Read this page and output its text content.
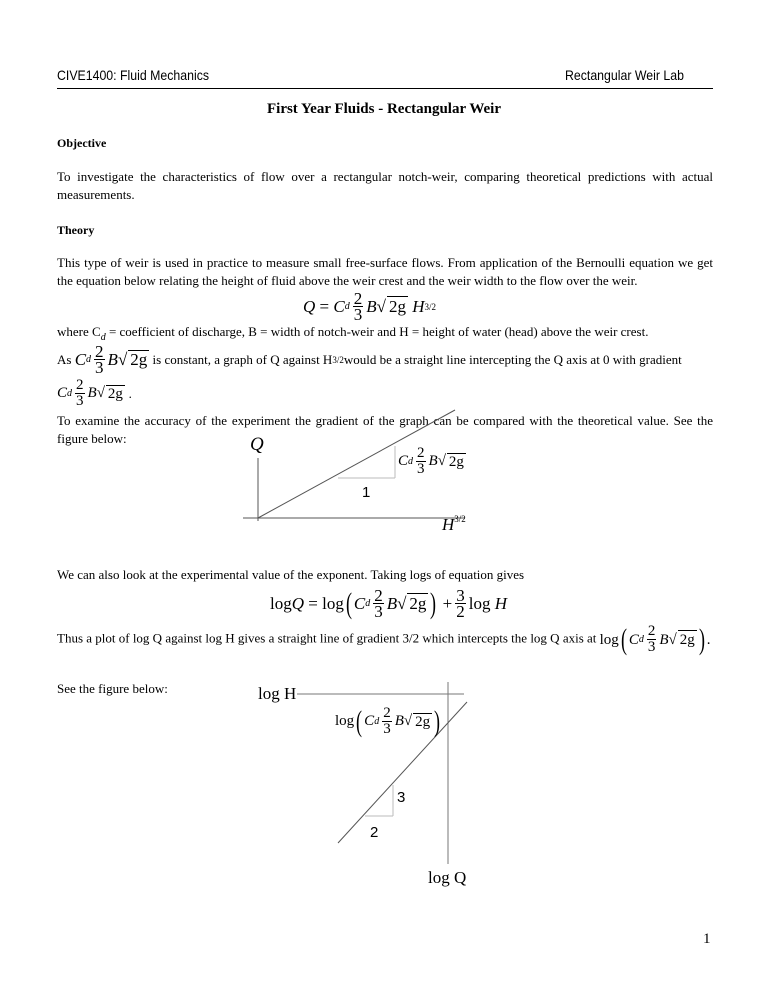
CIVE1400: Fluid Mechanics	Rectangular Weir Lab
First Year Fluids - Rectangular Weir
Objective
To investigate the characteristics of flow over a rectangular notch-weir, comparing theoretical predictions with actual measurements.
Theory
This type of weir is used in practice to measure small free-surface flows. From application of the Bernoulli equation we get the equation below relating the height of fluid above the weir crest and the weir width to the flow over the weir.
Q
=
C d $\frac{2}{3}$ B √ 2g
H 3/2
where $C_d$ = coefficient of discharge, B = width of notch-weir and H = height of water (head) above the weir crest.
As
C d $\frac{2}{3}$ B √ 2g
is constant, a graph of Q against H 3/2 would be a straight line intercepting the Q axis at 0 with gradient
C d $\frac{2}{3}$ B √ 2g
.
To examine the accuracy of the experiment the gradient of the graph can be compared with the theoretical value. See the figure below:	Q
C d $\frac{2}{3}$ B √ 2g
1
$H^{3/2}$
We can also look at the experimental value of the exponent. Taking logs of equation gives
log Q
=
log ( C d $\frac{2}{3}$ B √ 2g )
+ $\frac{3}{2}$ log
H
Thus a plot of log Q against log H gives a straight line of gradient 3/2 which intercepts the log Q axis at log ( C d $\frac{2}{3}$ B √ 2g ) .
See the figure below:	log H
log ( C d $\frac{2}{3}$ B √ 2g )
3
2
log Q
1
